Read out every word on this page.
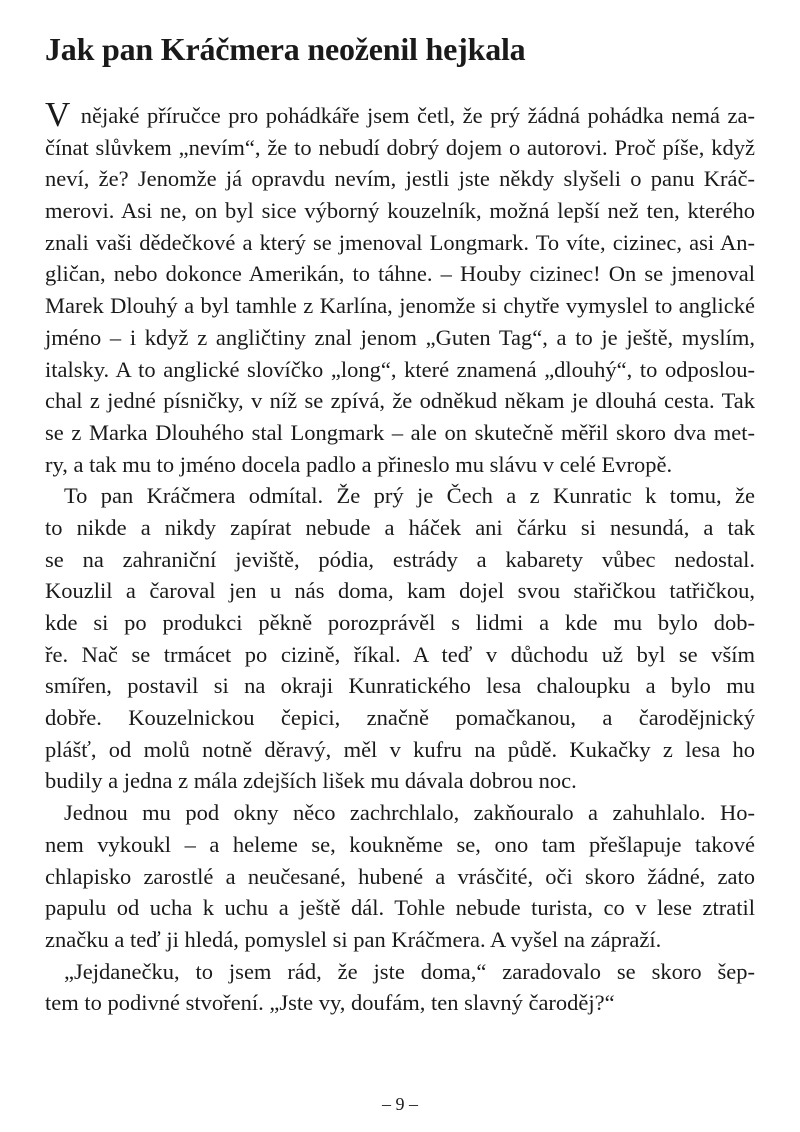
Jak pan Kráčmera neoženil hejkala
V nějaké příručce pro pohádkáře jsem četl, že prý žádná pohádka nemá za-
čínat slůvkem „nevím“, že to nebudí dobrý dojem o autorovi. Proč píše, když
neví, že? Jenomže já opravdu nevím, jestli jste někdy slyšeli o panu Kráč-
merovi. Asi ne, on byl sice výborný kouzelník, možná lepší než ten, kterého
znali vaši dědečkové a který se jmenoval Longmark. To víte, cizinec, asi An-
gličan, nebo dokonce Amerikán, to táhne. – Houby cizinec! On se jmenoval
Marek Dlouhý a byl tamhle z Karlína, jenomže si chytře vymyslel to anglické
jméno – i když z angličtiny znal jenom „Guten Tag“, a to je ještě, myslím,
italsky. A to anglické slovíčko „long“, které znamená „dlouhý“, to odposlou-
chal z jedné písničky, v níž se zpívá, že odněkud někam je dlouhá cesta. Tak
se z Marka Dlouhého stal Longmark – ale on skutečně měřil skoro dva met-
ry, a tak mu to jméno docela padlo a přineslo mu slávu v celé Evropě.
To pan Kráčmera odmítal. Že prý je Čech a z Kunratic k tomu, že
to nikde a nikdy zapírat nebude a háček ani čárku si nesundá, a tak
se na zahraniční jeviště, pódia, estrády a kabarety vůbec nedostal.
Kouzlil a čaroval jen u nás doma, kam dojel svou stařičkou tatřičkou,
kde si po produkci pěkně porozprávěl s lidmi a kde mu bylo dob-
ře. Nač se trmácet po cizině, říkal. A teď v důchodu už byl se vším
smířen, postavil si na okraji Kunratického lesa chaloupku a bylo mu
dobře. Kouzelnickou čepici, značně pomačkanou, a čarodějnický
plášť, od molů notně děravý, měl v kufru na půdě. Kukačky z lesa ho
budily a jedna z mála zdejších lišek mu dávala dobrou noc.
Jednou mu pod okny něco zachrchlalo, zakňouralo a zahuhlalo. Ho-
nem vykoukl – a heleme se, koukněme se, ono tam přešlapuje takové
chlapisko zarostlé a neučesané, hubené a vrásčité, oči skoro žádné, zato
papulu od ucha k uchu a ještě dál. Tohle nebude turista, co v lese ztratil
značku a teď ji hledá, pomyslel si pan Kráčmera. A vyšel na zápraží.
„Jejdanečku, to jsem rád, že jste doma,“ zaradovalo se skoro šep-
tem to podivné stvoření. „Jste vy, doufám, ten slavný čaroděj?“
– 9 –
